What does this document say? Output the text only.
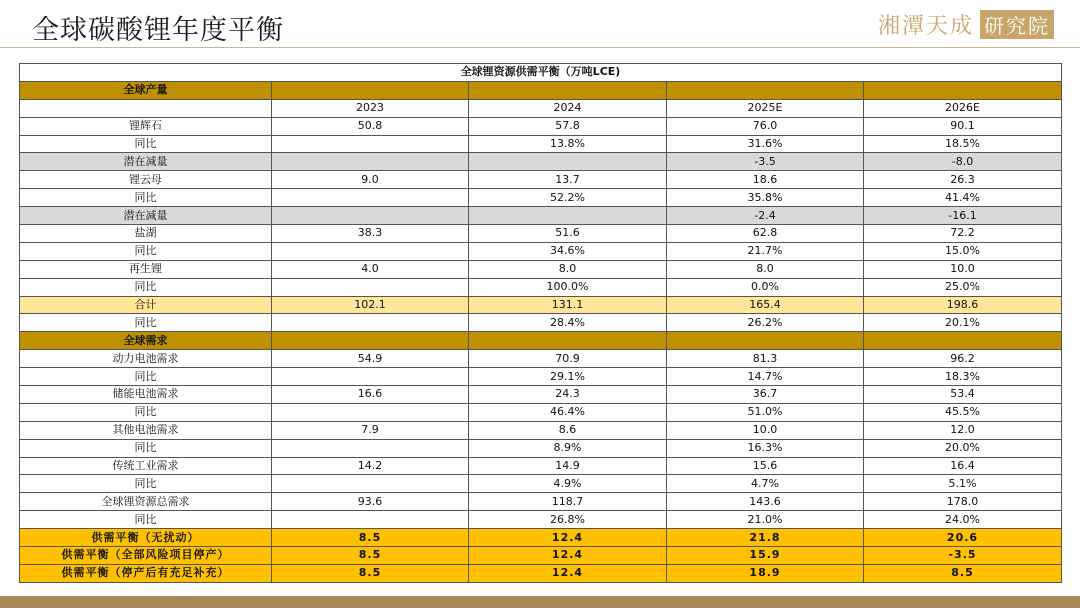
全球碳酸锂年度平衡	湘潭天成 研究院
全球锂资源供需平衡（万吨LCE)				
全球产量				
	2023	2024	2025E	2026E
锂辉石	50.8	57.8	76.0	90.1
同比		13.8%	31.6%	18.5%
潜在减量			-3.5	-8.0
锂云母	9.0	13.7	18.6	26.3
同比		52.2%	35.8%	41.4%
潜在减量			-2.4	-16.1
盐湖	38.3	51.6	62.8	72.2
同比		34.6%	21.7%	15.0%
再生锂	4.0	8.0	8.0	10.0
同比		100.0%	0.0%	25.0%
合计	102.1	131.1	165.4	198.6
同比		28.4%	26.2%	20.1%
全球需求				
动力电池需求	54.9	70.9	81.3	96.2
同比		29.1%	14.7%	18.3%
储能电池需求	16.6	24.3	36.7	53.4
同比		46.4%	51.0%	45.5%
其他电池需求	7.9	8.6	10.0	12.0
同比		8.9%	16.3%	20.0%
传统工业需求	14.2	14.9	15.6	16.4
同比		4.9%	4.7%	5.1%
全球锂资源总需求	93.6	118.7	143.6	178.0
同比		26.8%	21.0%	24.0%
供需平衡（无扰动）	8.5	12.4	21.8	20.6
供需平衡（全部风险项目停产）	8.5	12.4	15.9	-3.5
供需平衡（停产后有充足补充）	8.5	12.4	18.9	8.5
